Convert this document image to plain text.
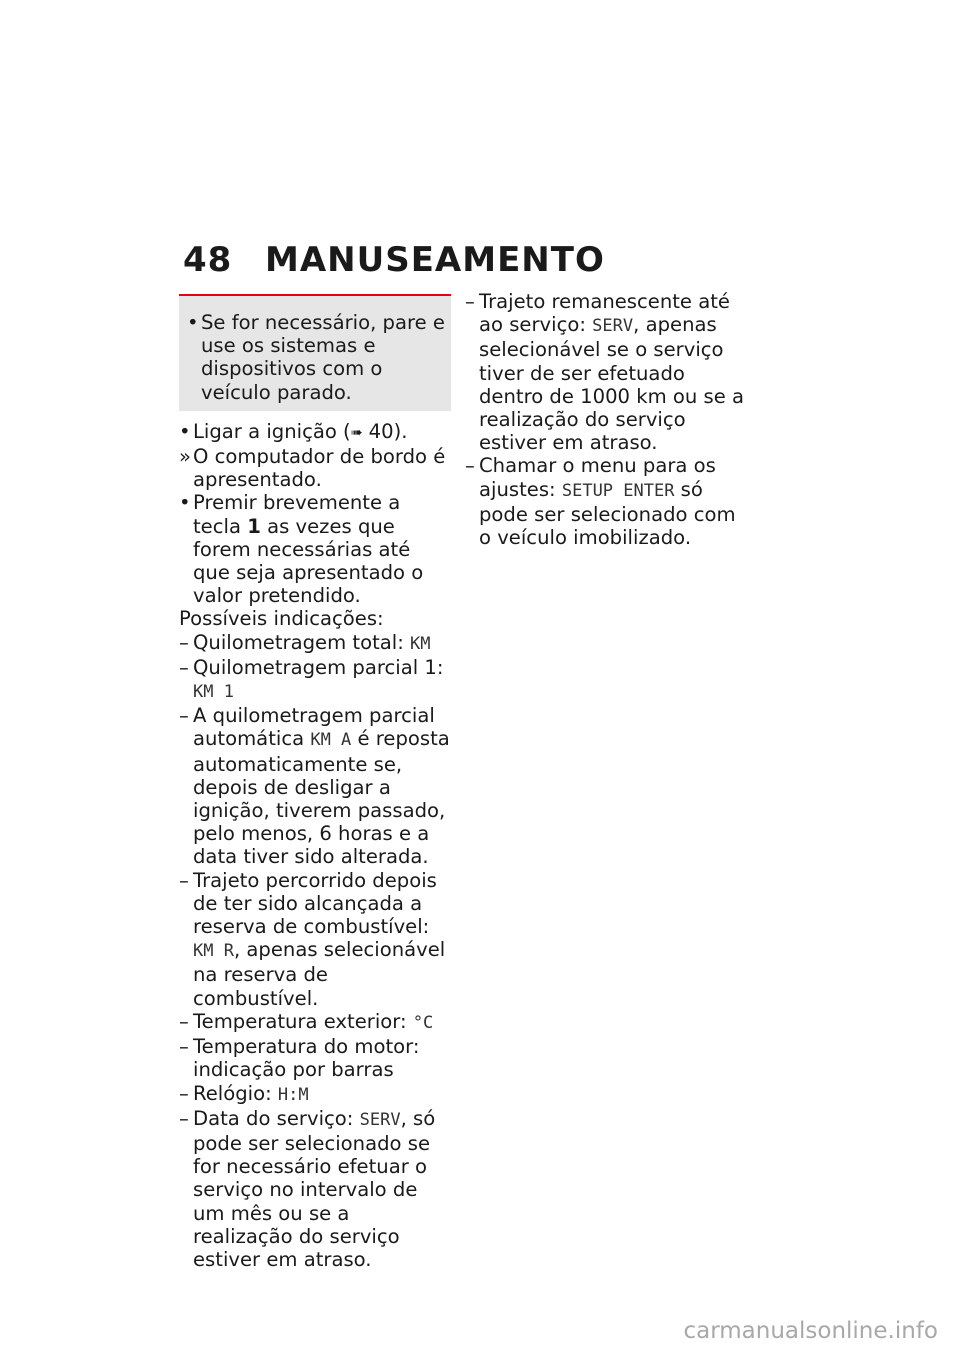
48 MANUSEAMENTO
• Se for necessário, pare e use os sistemas e dispositivos com o veículo parado.
• Ligar a ignição (➠ 40).
» O computador de bordo é apresentado.
• Premir brevemente a tecla 1 as vezes que forem necessárias até que seja apresentado o valor pretendido.
Possíveis indicações:
– Quilometragem total: KM
– Quilometragem parcial 1: KM 1
– A quilometragem parcial automática KM A é reposta automaticamente se, depois de desligar a ignição, tiverem passado, pelo menos, 6 horas e a data tiver sido alterada.
– Trajeto percorrido depois de ter sido alcançada a reserva de combustível: KM R, apenas selecionável na reserva de combustível.
– Temperatura exterior: °C
– Temperatura do motor: indicação por barras
– Relógio: H:M
– Data do serviço: SERV, só pode ser selecionado se for necessário efetuar o serviço no intervalo de um mês ou se a realização do serviço estiver em atraso.
– Trajeto remanescente até ao serviço: SERV, apenas selecionável se o serviço tiver de ser efetuado dentro de 1000 km ou se a realização do serviço estiver em atraso.
– Chamar o menu para os ajustes: SETUP ENTER só pode ser selecionado com o veículo imobilizado.
carmanualsonline.info
